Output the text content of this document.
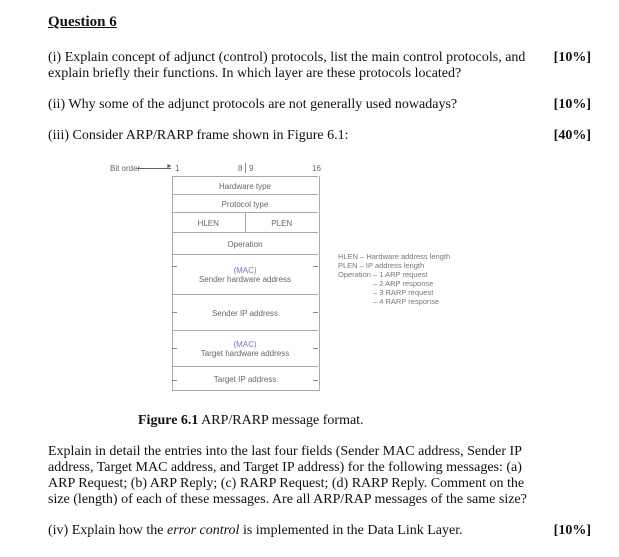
Question 6
(i) Explain concept of adjunct (control) protocols, list the main control protocols, and explain briefly their functions. In which layer are these protocols located?
[10%]
(ii) Why some of the adjunct protocols are not generally used nowadays?	[10%]
(iii) Consider ARP/RARP frame shown in Figure 6.1:	[40%]
Bit order	► 1	8 9	16
Hardware type
Protocol type
HLEN	PLEN
Operation
(MAC)
Sender hardware address
Sender IP address
(MAC)
Target hardware address
Target IP address
HLEN – Hardware address length
PLEN – IP address length
Operation – 1 ARP request
– 2 ARP response
– 3 RARP request
– 4 RARP response
Figure 6.1 ARP/RARP message format.
Explain in detail the entries into the last four fields (Sender MAC address, Sender IP address, Target MAC address, and Target IP address) for the following messages: (a) ARP Request; (b) ARP Reply; (c) RARP Request; (d) RARP Reply. Comment on the size (length) of each of these messages. Are all ARP/RAP messages of the same size?
(iv) Explain how the error control is implemented in the Data Link Layer.	[10%]
